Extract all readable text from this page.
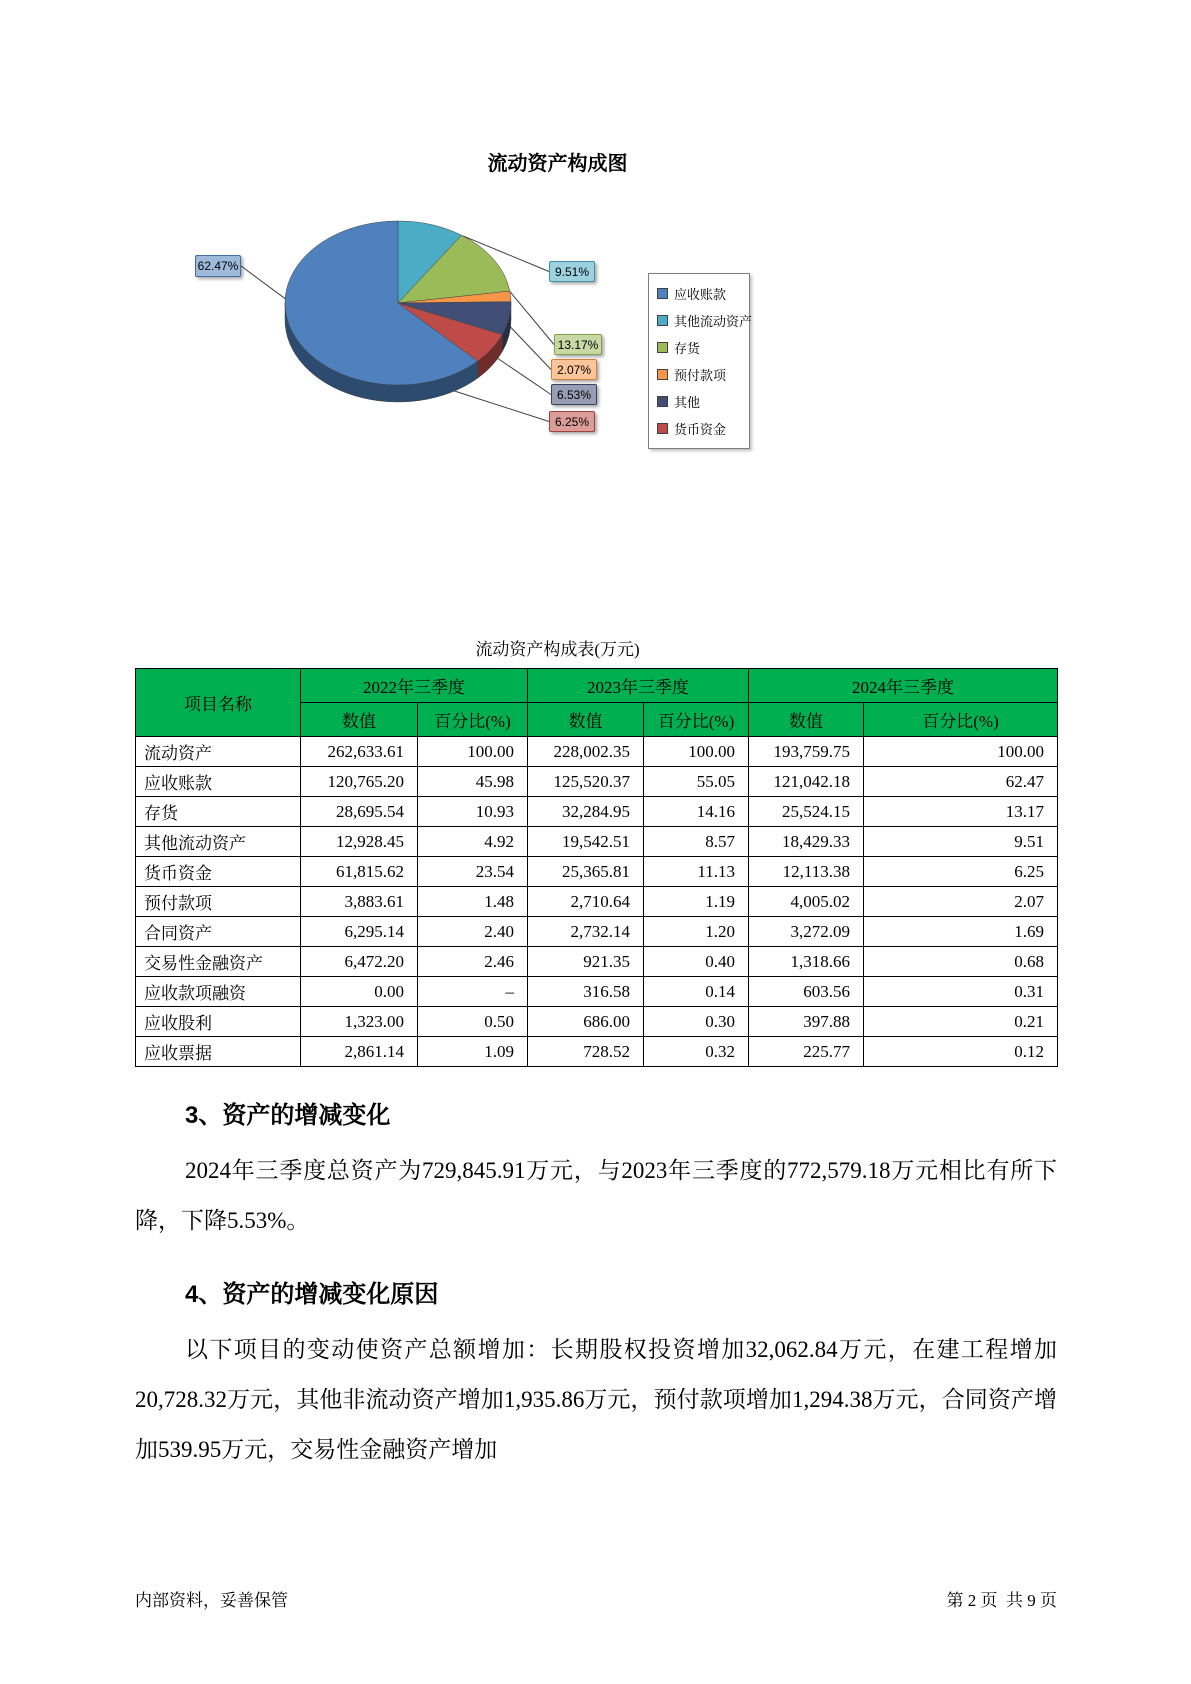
流动资产构成图
62.47%	9.51%
13.17%
2.07%
6.53%
6.25%
应收账款
其他流动资产
存货
预付款项
其他
货币资金
流动资产构成表(万元)
项目名称	2022年三季度		2023年三季度		2024年三季度	
	数值	百分比(%)	数值	百分比(%)	数值	百分比(%)
流动资产	262,633.61	100.00	228,002.35	100.00	193,759.75	100.00
应收账款	120,765.20	45.98	125,520.37	55.05	121,042.18	62.47
存货	28,695.54	10.93	32,284.95	14.16	25,524.15	13.17
其他流动资产	12,928.45	4.92	19,542.51	8.57	18,429.33	9.51
货币资金	61,815.62	23.54	25,365.81	11.13	12,113.38	6.25
预付款项	3,883.61	1.48	2,710.64	1.19	4,005.02	2.07
合同资产	6,295.14	2.40	2,732.14	1.20	3,272.09	1.69
交易性金融资产	6,472.20	2.46	921.35	0.40	1,318.66	0.68
应收款项融资	0.00	–	316.58	0.14	603.56	0.31
应收股利	1,323.00	0.50	686.00	0.30	397.88	0.21
应收票据	2,861.14	1.09	728.52	0.32	225.77	0.12
3、资产的增减变化

2024年三季度总资产为729,845.91万元，与2023年三季度的772,579.18万元相比有所下降，下降5.53%。

4、资产的增减变化原因

以下项目的变动使资产总额增加：长期股权投资增加32,062.84万元，在建工程增加20,728.32万元，其他非流动资产增加1,935.86万元，预付款项增加1,294.38万元，合同资产增加539.95万元，交易性金融资产增加

内部资料，妥善保管	第 2 页  共 9 页
